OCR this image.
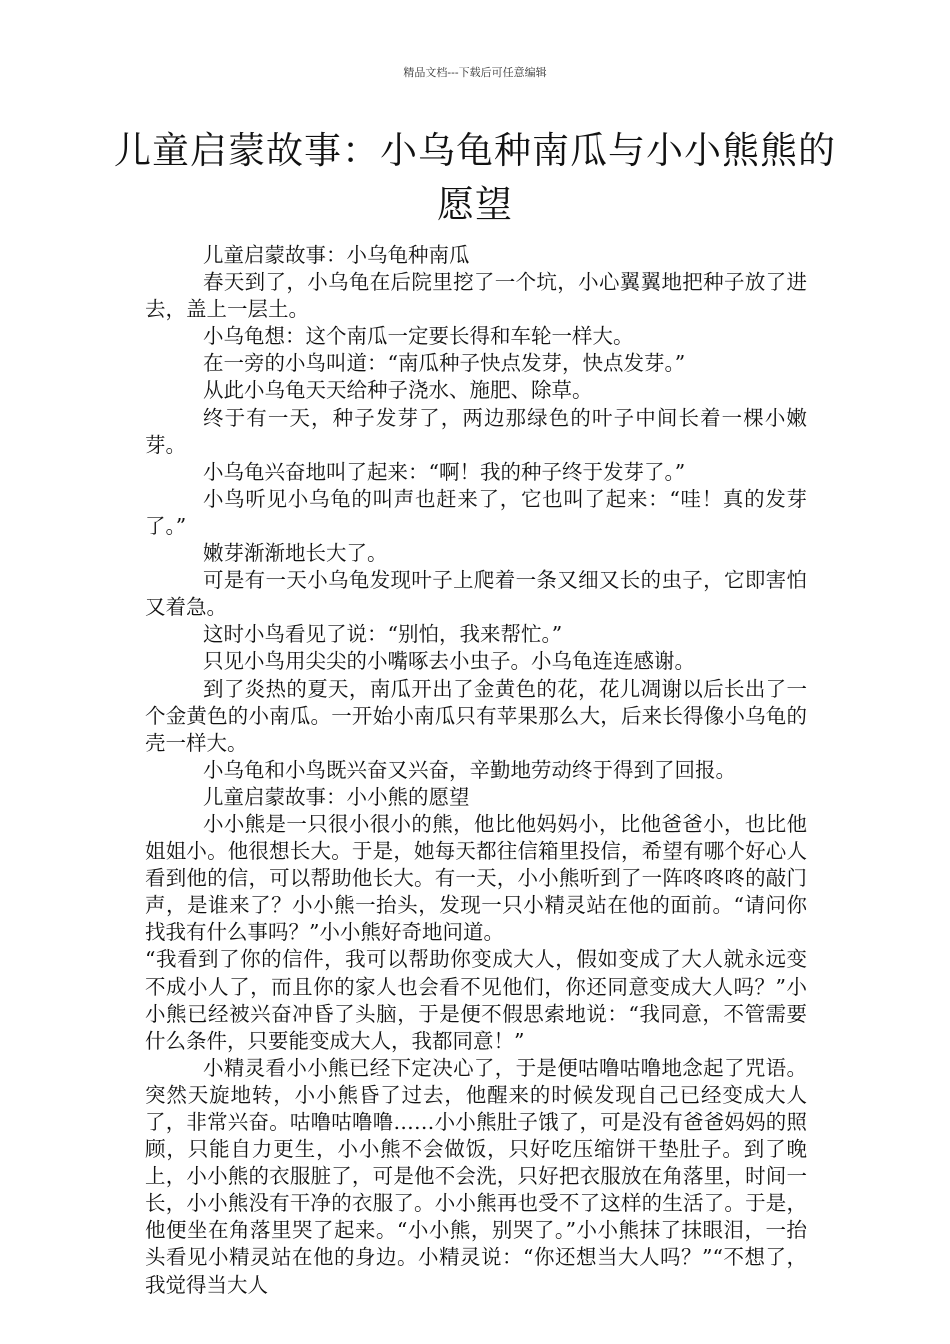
精品文档---下载后可任意编辑
儿童启蒙故事：小乌龟种南瓜与小小熊熊的愿望

儿童启蒙故事：小乌龟种南瓜

春天到了，小乌龟在后院里挖了一个坑，小心翼翼地把种子放了进去，盖上一层土。

小乌龟想：这个南瓜一定要长得和车轮一样大。

在一旁的小鸟叫道：“南瓜种子快点发芽，快点发芽。”

从此小乌龟天天给种子浇水、施肥、除草。

终于有一天，种子发芽了，两边那绿色的叶子中间长着一棵小嫩芽。

小乌龟兴奋地叫了起来：“啊！我的种子终于发芽了。”

小鸟听见小乌龟的叫声也赶来了，它也叫了起来：“哇！真的发芽了。”

嫩芽渐渐地长大了。

可是有一天小乌龟发现叶子上爬着一条又细又长的虫子，它即害怕又着急。

这时小鸟看见了说：“别怕，我来帮忙。”

只见小鸟用尖尖的小嘴啄去小虫子。小乌龟连连感谢。

到了炎热的夏天，南瓜开出了金黄色的花，花儿凋谢以后长出了一个金黄色的小南瓜。一开始小南瓜只有苹果那么大，后来长得像小乌龟的壳一样大。

小乌龟和小鸟既兴奋又兴奋，辛勤地劳动终于得到了回报。

儿童启蒙故事：小小熊的愿望

小小熊是一只很小很小的熊，他比他妈妈小，比他爸爸小，也比他姐姐小。他很想长大。于是，她每天都往信箱里投信，希望有哪个好心人看到他的信，可以帮助他长大。有一天，小小熊听到了一阵咚咚咚的敲门声，是谁来了？小小熊一抬头，发现一只小精灵站在他的面前。“请问你找我有什么事吗？”小小熊好奇地问道。

“我看到了你的信件，我可以帮助你变成大人，假如变成了大人就永远变不成小人了，而且你的家人也会看不见他们，你还同意变成大人吗？”小小熊已经被兴奋冲昏了头脑，于是便不假思索地说：“我同意，不管需要什么条件，只要能变成大人，我都同意！”

小精灵看小小熊已经下定决心了，于是便咕噜咕噜地念起了咒语。突然天旋地转，小小熊昏了过去，他醒来的时候发现自己已经变成大人了，非常兴奋。咕噜咕噜噜……小小熊肚子饿了，可是没有爸爸妈妈的照顾，只能自力更生，小小熊不会做饭，只好吃压缩饼干垫肚子。到了晚上，小小熊的衣服脏了，可是他不会洗，只好把衣服放在角落里，时间一长，小小熊没有干净的衣服了。小小熊再也受不了这样的生活了。于是，他便坐在角落里哭了起来。“小小熊，别哭了。”小小熊抹了抹眼泪，一抬头看见小精灵站在他的身边。小精灵说：“你还想当大人吗？”“不想了，我觉得当大人
